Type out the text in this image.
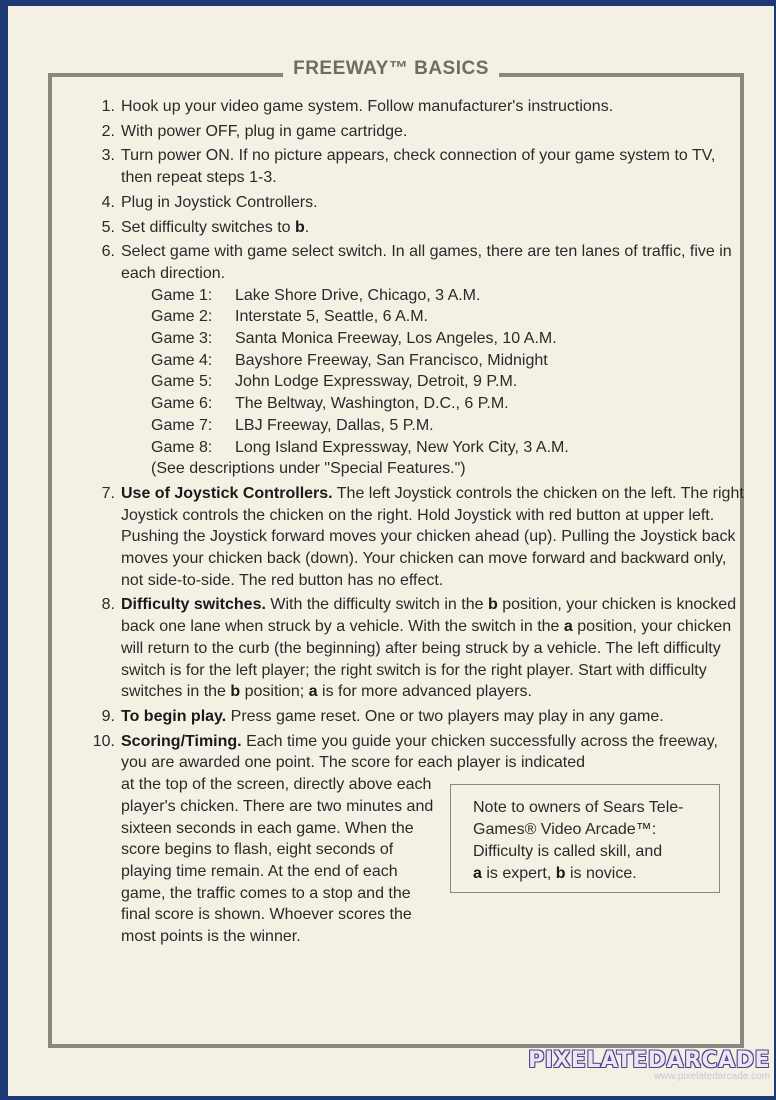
FREEWAY™ BASICS
1. Hook up your video game system. Follow manufacturer's instructions.
2. With power OFF, plug in game cartridge.
3. Turn power ON. If no picture appears, check connection of your game system to TV, then repeat steps 1-3.
4. Plug in Joystick Controllers.
5. Set difficulty switches to b.
6. Select game with game select switch. In all games, there are ten lanes of traffic, five in each direction.
Game 1:	Lake Shore Drive, Chicago, 3 A.M.
Game 2:	Interstate 5, Seattle, 6 A.M.
Game 3:	Santa Monica Freeway, Los Angeles, 10 A.M.
Game 4:	Bayshore Freeway, San Francisco, Midnight
Game 5:	John Lodge Expressway, Detroit, 9 P.M.
Game 6:	The Beltway, Washington, D.C., 6 P.M.
Game 7:	LBJ Freeway, Dallas, 5 P.M.
Game 8:	Long Island Expressway, New York City, 3 A.M.
(See descriptions under "Special Features.")
7. Use of Joystick Controllers. The left Joystick controls the chicken on the left. The right Joystick controls the chicken on the right. Hold Joystick with red button at upper left. Pushing the Joystick forward moves your chicken ahead (up). Pulling the Joystick back moves your chicken back (down). Your chicken can move forward and backward only, not side-to-side. The red button has no effect.
8. Difficulty switches. With the difficulty switch in the b position, your chicken is knocked back one lane when struck by a vehicle. With the switch in the a position, your chicken will return to the curb (the beginning) after being struck by a vehicle. The left difficulty switch is for the left player; the right switch is for the right player. Start with difficulty switches in the b position; a is for more advanced players.
9. To begin play. Press game reset. One or two players may play in any game.
10. Scoring/Timing. Each time you guide your chicken successfully across the freeway, you are awarded one point. The score for each player is indicated
at the top of the screen, directly above each player's chicken. There are two minutes and sixteen seconds in each game. When the score begins to flash, eight seconds of playing time remain. At the end of each game, the traffic comes to a stop and the final score is shown. Whoever scores the most points is the winner.
Note to owners of Sears Tele-Games® Video Arcade™:
Difficulty is called skill, and
a is expert, b is novice.
PIXELATEDARCADE
www.pixelatedarcade.com
